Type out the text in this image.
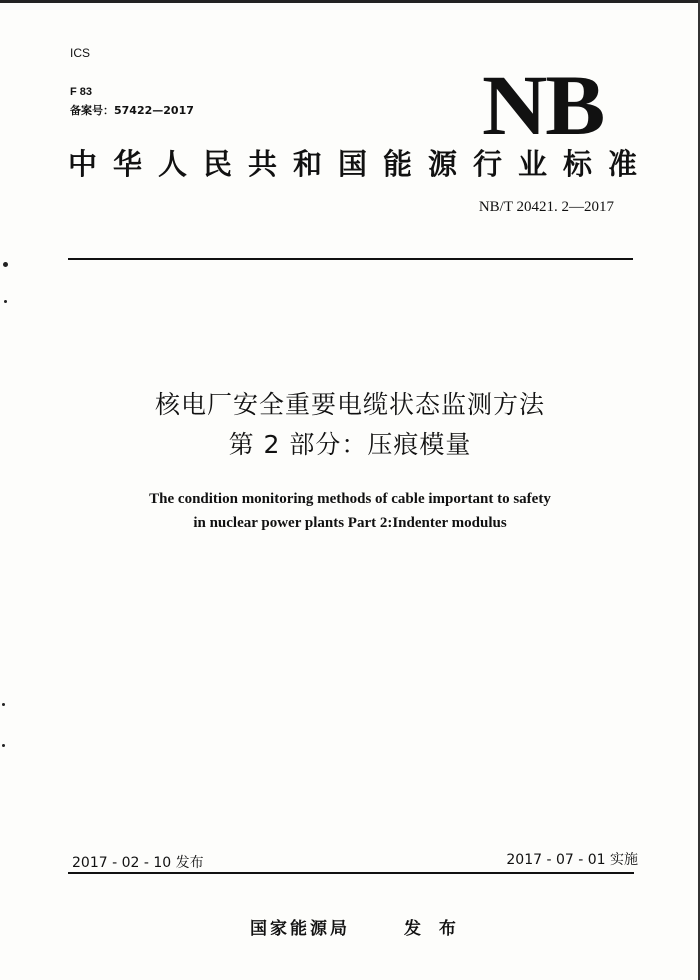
ICS
F 83
备案号：57422—2017	NB
中华人民共和国能源行业标准
NB/T 20421. 2—2017
核电厂安全重要电缆状态监测方法
第 2 部分：压痕模量
The condition monitoring methods of cable important to safety
in nuclear power plants Part 2:Indenter modulus
2017 - 02 - 10 发布	2017 - 07 - 01 实施
国家能源局	发 布
